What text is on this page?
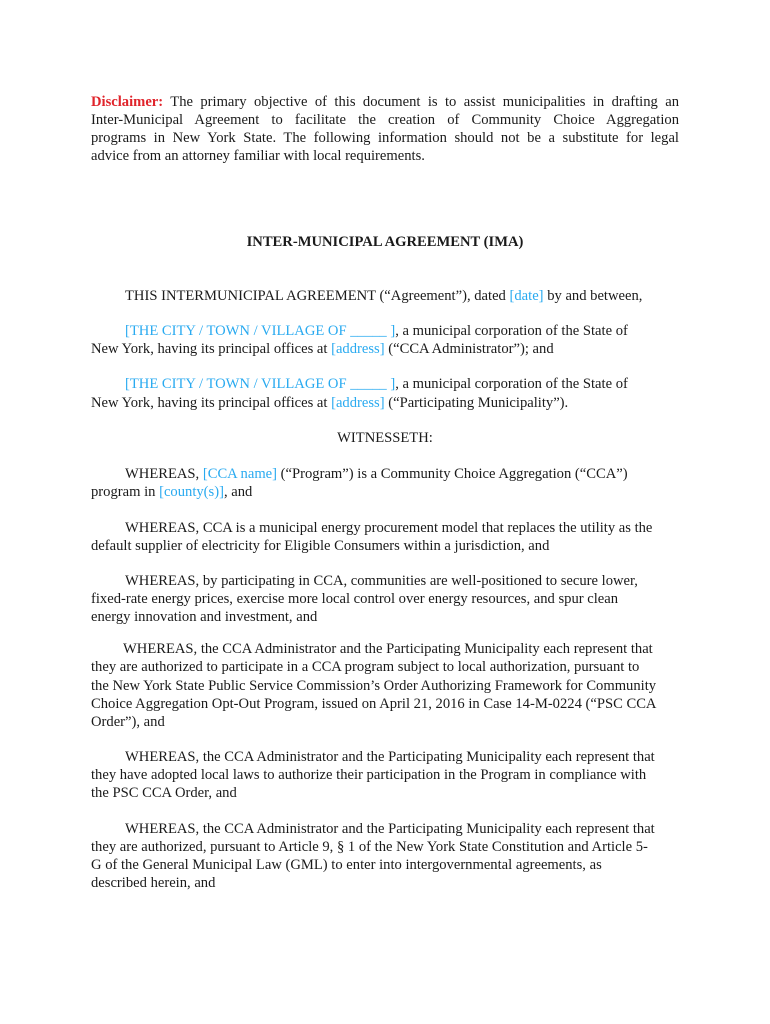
Disclaimer: The primary objective of this document is to assist municipalities in drafting an
Inter-Municipal Agreement to facilitate the creation of Community Choice Aggregation
programs in New York State. The following information should not be a substitute for legal
advice from an attorney familiar with local requirements.
INTER-MUNICIPAL AGREEMENT (IMA)
THIS INTERMUNICIPAL AGREEMENT (“Agreement”), dated [date] by and between,
[THE CITY / TOWN / VILLAGE OF _____ ], a municipal corporation of the State of
New York, having its principal offices at [address] (“CCA Administrator”); and
[THE CITY / TOWN / VILLAGE OF _____ ], a municipal corporation of the State of
New York, having its principal offices at [address] (“Participating Municipality”).
WITNESSETH:
WHEREAS, [CCA name] (“Program”) is a Community Choice Aggregation (“CCA”)
program in [county(s)], and
WHEREAS, CCA is a municipal energy procurement model that replaces the utility as the
default supplier of electricity for Eligible Consumers within a jurisdiction, and
WHEREAS, by participating in CCA, communities are well-positioned to secure lower,
fixed-rate energy prices, exercise more local control over energy resources, and spur clean
energy innovation and investment, and
WHEREAS, the CCA Administrator and the Participating Municipality each represent that
they are authorized to participate in a CCA program subject to local authorization, pursuant to
the New York State Public Service Commission’s Order Authorizing Framework for Community
Choice Aggregation Opt-Out Program, issued on April 21, 2016 in Case 14-M-0224 (“PSC CCA
Order”), and
WHEREAS, the CCA Administrator and the Participating Municipality each represent that
they have adopted local laws to authorize their participation in the Program in compliance with
the PSC CCA Order, and
WHEREAS, the CCA Administrator and the Participating Municipality each represent that
they are authorized, pursuant to Article 9, § 1 of the New York State Constitution and Article 5-
G of the General Municipal Law (GML) to enter into intergovernmental agreements, as
described herein, and
